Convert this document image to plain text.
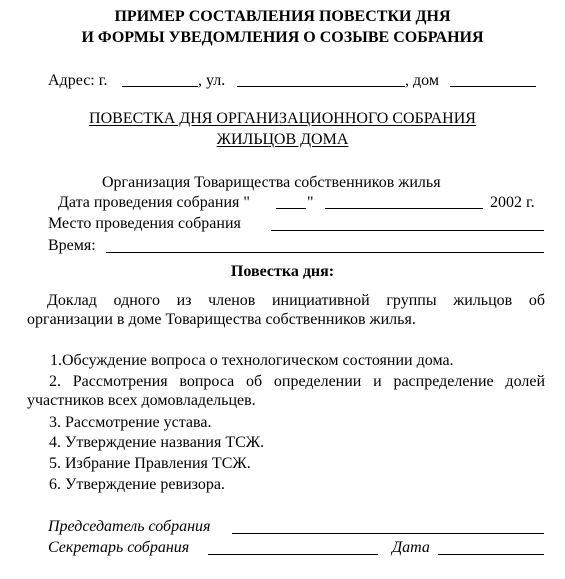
ПРИМЕР СОСТАВЛЕНИЯ ПОВЕСТКИ ДНЯ
И ФОРМЫ УВЕДОМЛЕНИЯ О СОЗЫВЕ СОБРАНИЯ
Адрес: г.	, ул.	, дом
ПОВЕСТКА ДНЯ ОРГАНИЗАЦИОННОГО СОБРАНИЯ
ЖИЛЬЦОВ ДОМА
Организация Товарищества собственников жилья
Дата проведения собрания "	"	2002 г.
Место проведения собрания
Время:
Повестка дня:
Доклад одного из членов инициативной группы жильцов об организации в доме Товарищества собственников жилья.
1.Обсуждение вопроса о технологическом состоянии дома.
2. Рассмотрения вопроса об определении и распределение долей участников всех домовладельцев.
3. Рассмотрение устава.
4. Утверждение названия ТСЖ.
5. Избрание Правления ТСЖ.
6. Утверждение ревизора.
Председатель собрания
Секретарь собрания	Дата
